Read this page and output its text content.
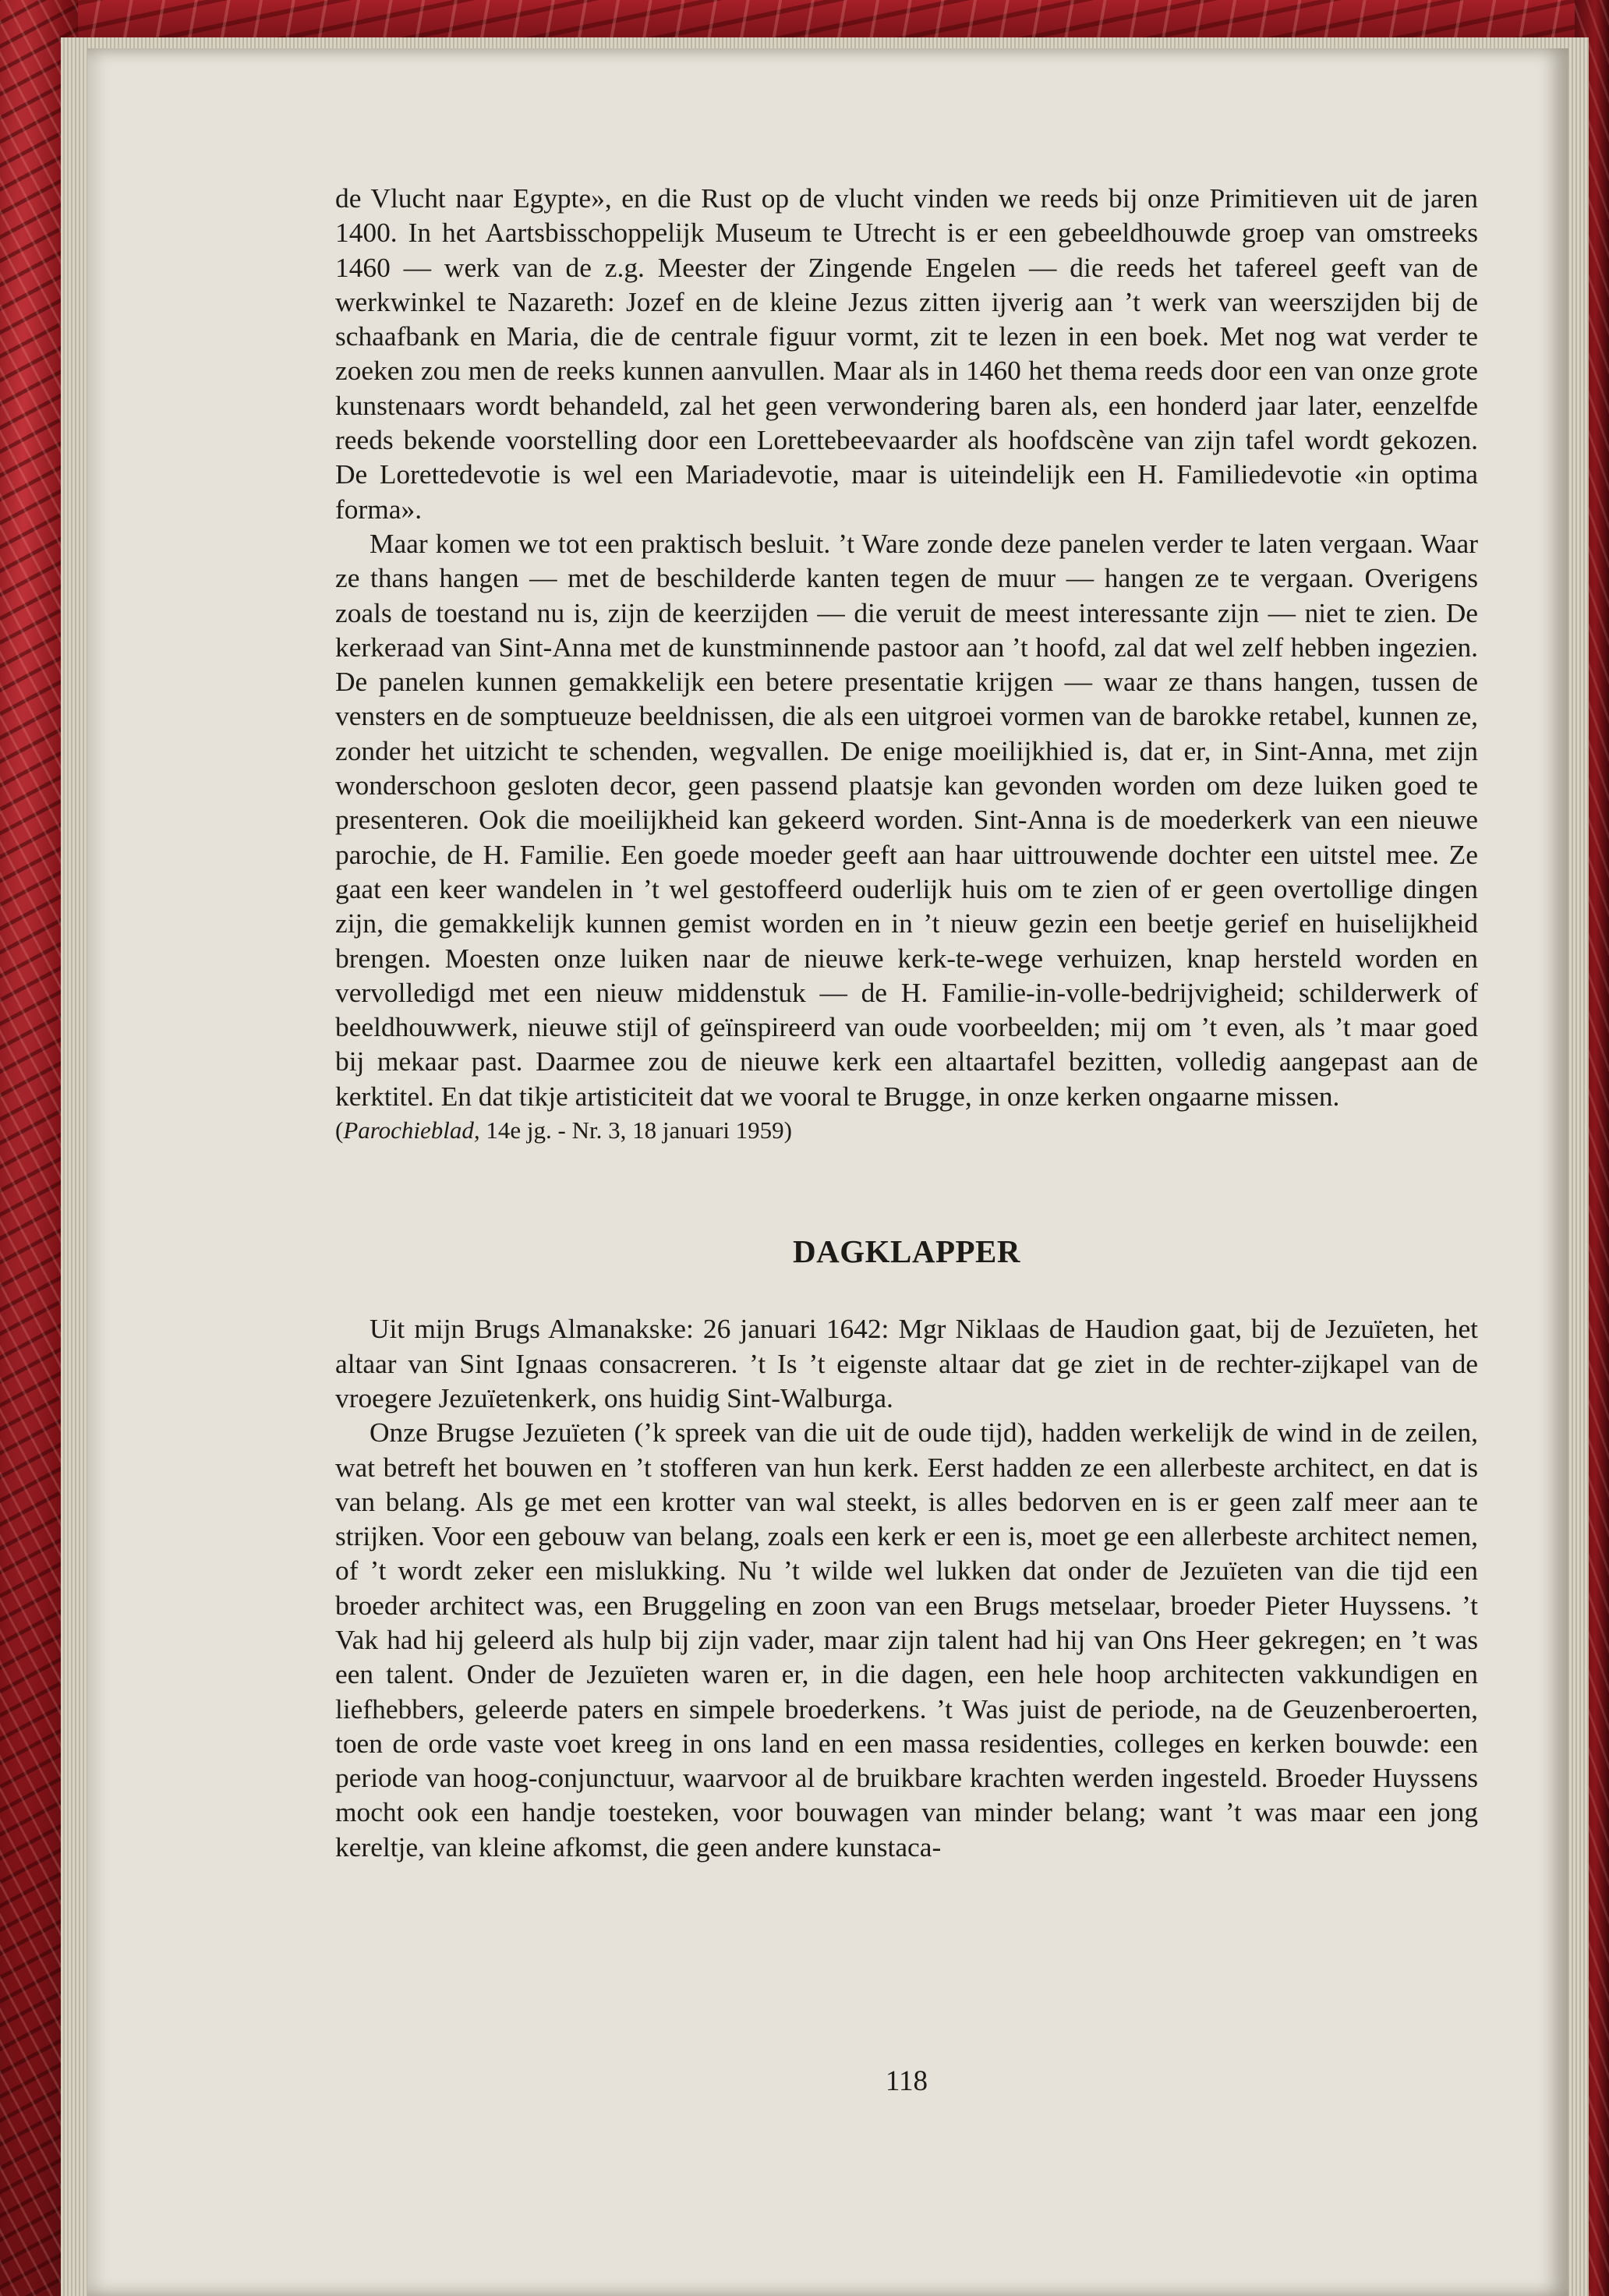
de Vlucht naar Egypte», en die Rust op de vlucht vinden we reeds bij onze Primitieven uit de jaren 1400. In het Aartsbisschoppelijk Museum te Utrecht is er een gebeeldhouwde groep van omstreeks 1460 — werk van de z.g. Meester der Zingende Engelen — die reeds het tafereel geeft van de werkwinkel te Nazareth: Jozef en de kleine Jezus zitten ijverig aan ’t werk van weerszijden bij de schaafbank en Maria, die de centrale figuur vormt, zit te lezen in een boek. Met nog wat verder te zoeken zou men de reeks kunnen aanvullen. Maar als in 1460 het thema reeds door een van onze grote kunstenaars wordt behandeld, zal het geen verwondering baren als, een honderd jaar later, eenzelfde reeds bekende voorstelling door een Lorettebeevaarder als hoofdscène van zijn tafel wordt gekozen. De Lorettedevotie is wel een Mariadevotie, maar is uiteindelijk een H. Familiedevotie «in optima forma».

Maar komen we tot een praktisch besluit. ’t Ware zonde deze panelen verder te laten vergaan. Waar ze thans hangen — met de beschilderde kanten tegen de muur — hangen ze te vergaan. Overigens zoals de toestand nu is, zijn de keerzijden — die veruit de meest interessante zijn — niet te zien. De kerkeraad van Sint-Anna met de kunstminnende pastoor aan ’t hoofd, zal dat wel zelf hebben ingezien. De panelen kunnen gemakkelijk een betere presentatie krijgen — waar ze thans hangen, tussen de vensters en de somptueuze beeldnissen, die als een uitgroei vormen van de barokke retabel, kunnen ze, zonder het uitzicht te schenden, wegvallen. De enige moeilijkhied is, dat er, in Sint-Anna, met zijn wonderschoon gesloten decor, geen passend plaatsje kan gevonden worden om deze luiken goed te presenteren. Ook die moeilijkheid kan gekeerd worden. Sint-Anna is de moederkerk van een nieuwe parochie, de H. Familie. Een goede moeder geeft aan haar uittrouwende dochter een uitstel mee. Ze gaat een keer wandelen in ’t wel gestoffeerd ouderlijk huis om te zien of er geen overtollige dingen zijn, die gemakkelijk kunnen gemist worden en in ’t nieuw gezin een beetje gerief en huiselijkheid brengen. Moesten onze luiken naar de nieuwe kerk-te-wege verhuizen, knap hersteld worden en vervolledigd met een nieuw middenstuk — de H. Familie-in-volle-bedrijvigheid; schilderwerk of beeldhouwwerk, nieuwe stijl of geïnspireerd van oude voorbeelden; mij om ’t even, als ’t maar goed bij mekaar past. Daarmee zou de nieuwe kerk een altaartafel bezitten, volledig aangepast aan de kerktitel. En dat tikje artisticiteit dat we vooral te Brugge, in onze kerken ongaarne missen.

(Parochieblad, 14e jg. - Nr. 3, 18 januari 1959)

DAGKLAPPER

Uit mijn Brugs Almanakske: 26 januari 1642: Mgr Niklaas de Haudion gaat, bij de Jezuïeten, het altaar van Sint Ignaas consacreren. ’t Is ’t eigenste altaar dat ge ziet in de rechter-zijkapel van de vroegere Jezuïetenkerk, ons huidig Sint-Walburga.

Onze Brugse Jezuïeten (’k spreek van die uit de oude tijd), hadden werkelijk de wind in de zeilen, wat betreft het bouwen en ’t stofferen van hun kerk. Eerst hadden ze een allerbeste architect, en dat is van belang. Als ge met een krotter van wal steekt, is alles bedorven en is er geen zalf meer aan te strijken. Voor een gebouw van belang, zoals een kerk er een is, moet ge een allerbeste architect nemen, of ’t wordt zeker een mislukking. Nu ’t wilde wel lukken dat onder de Jezuïeten van die tijd een broeder architect was, een Bruggeling en zoon van een Brugs metselaar, broeder Pieter Huyssens. ’t Vak had hij geleerd als hulp bij zijn vader, maar zijn talent had hij van Ons Heer gekregen; en ’t was een talent. Onder de Jezuïeten waren er, in die dagen, een hele hoop architecten vakkundigen en liefhebbers, geleerde paters en simpele broederkens. ’t Was juist de periode, na de Geuzenberoerten, toen de orde vaste voet kreeg in ons land en een massa residenties, colleges en kerken bouwde: een periode van hoog-conjunctuur, waarvoor al de bruikbare krachten werden ingesteld. Broeder Huyssens mocht ook een handje toesteken, voor bouwagen van minder belang; want ’t was maar een jong kereltje, van kleine afkomst, die geen andere kunstaca-

118
